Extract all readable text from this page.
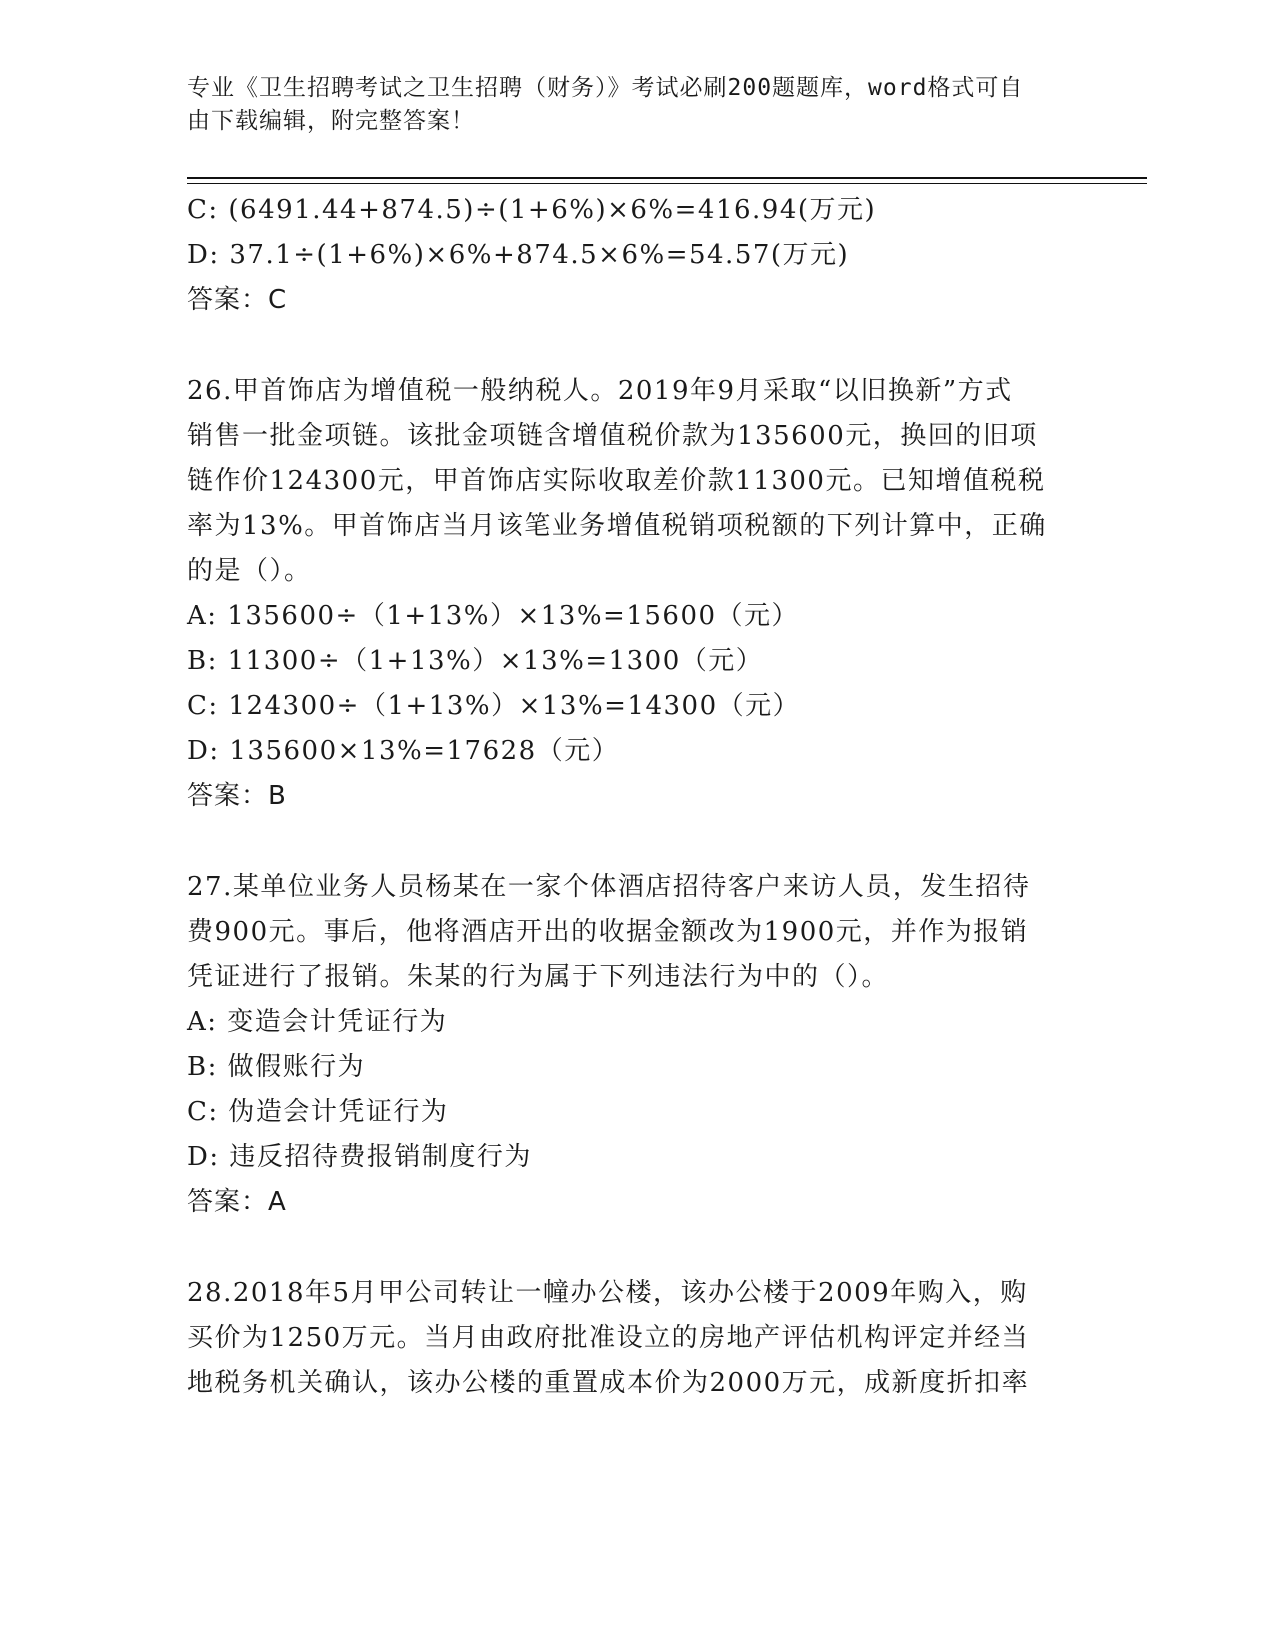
专业《卫生招聘考试之卫生招聘（财务）》考试必刷200题题库，word格式可自
由下载编辑，附完整答案！
C: (6491.44+874.5)÷(1+6%)×6%=416.94(万元)
D: 37.1÷(1+6%)×6%+874.5×6%=54.57(万元)
答案：C
26.甲首饰店为增值税一般纳税人。2019年9月采取“以旧换新”方式
销售一批金项链。该批金项链含增值税价款为135600元，换回的旧项
链作价124300元，甲首饰店实际收取差价款11300元。已知增值税税
率为13%。甲首饰店当月该笔业务增值税销项税额的下列计算中，正确
的是（）。
A: 135600÷（1+13%）×13%=15600（元）
B: 11300÷（1+13%）×13%=1300（元）
C: 124300÷（1+13%）×13%=14300（元）
D: 135600×13%=17628（元）
答案：B
27.某单位业务人员杨某在一家个体酒店招待客户来访人员，发生招待
费900元。事后，他将酒店开出的收据金额改为1900元，并作为报销
凭证进行了报销。朱某的行为属于下列违法行为中的（）。
A: 变造会计凭证行为
B: 做假账行为
C: 伪造会计凭证行为
D: 违反招待费报销制度行为
答案：A
28.2018年5月甲公司转让一幢办公楼，该办公楼于2009年购入，购
买价为1250万元。当月由政府批准设立的房地产评估机构评定并经当
地税务机关确认，该办公楼的重置成本价为2000万元，成新度折扣率
